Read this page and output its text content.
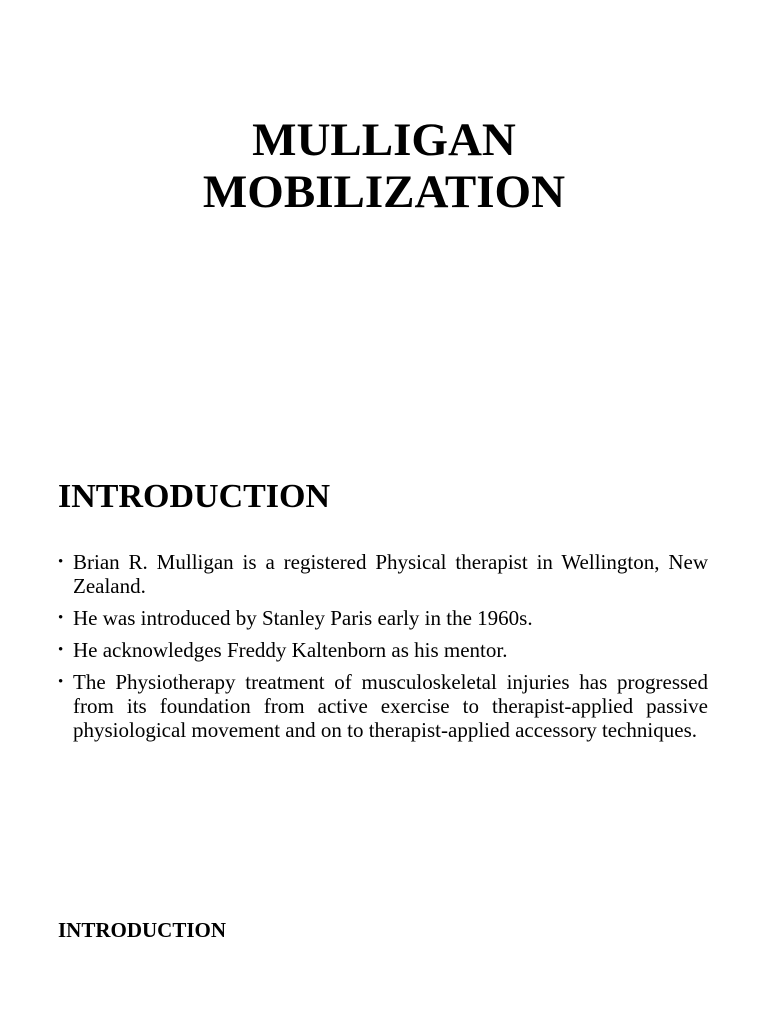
MULLIGAN
MOBILIZATION
INTRODUCTION
• Brian R. Mulligan is a registered Physical therapist in Wellington, New Zealand.
• He was introduced by Stanley Paris early in the 1960s.
• He acknowledges Freddy Kaltenborn as his mentor.
• The Physiotherapy treatment of musculoskeletal injuries has progressed from its foundation from active exercise to therapist-applied passive physiological movement and on to therapist-applied accessory techniques.
INTRODUCTION
